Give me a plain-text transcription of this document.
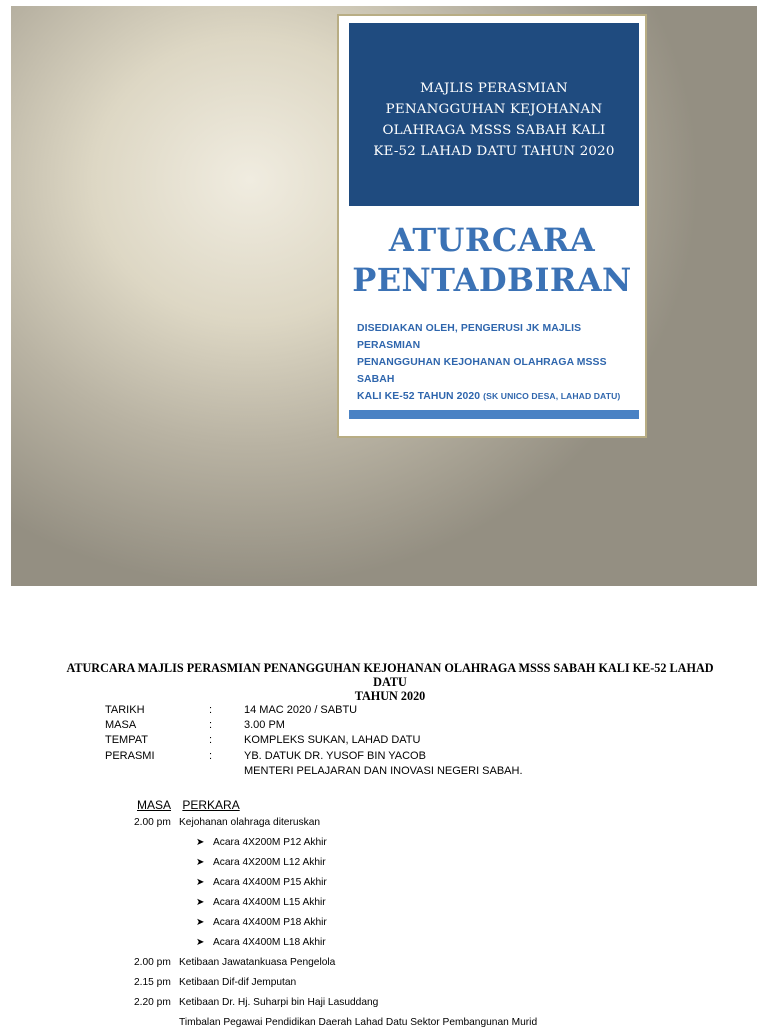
MAJLIS PERASMIAN
PENANGGUHAN KEJOHANAN
OLAHRAGA MSSS SABAH KALI
KE-52 LAHAD DATU TAHUN 2020
ATURCARA
PENTADBIRAN
DISEDIAKAN OLEH, PENGERUSI JK MAJLIS PERASMIAN
PENANGGUHAN KEJOHANAN OLAHRAGA MSSS SABAH
KALI KE-52 TAHUN 2020 (SK UNICO DESA, LAHAD DATU)
ATURCARA MAJLIS PERASMIAN PENANGGUHAN KEJOHANAN OLAHRAGA MSSS SABAH KALI KE-52 LAHAD DATU
TAHUN 2020
TARIKH	:	14 MAC 2020 / SABTU
MASA	:	3.00 PM
TEMPAT	:	KOMPLEKS SUKAN, LAHAD DATU
PERASMI	:	YB. DATUK DR. YUSOF BIN YACOB
MENTERI PELAJARAN DAN INOVASI NEGERI SABAH.
MASA PERKARA
2.00 pm Kejohanan olahraga diteruskan
➤ Acara 4X200M P12 Akhir
➤ Acara 4X200M L12 Akhir
➤ Acara 4X400M P15 Akhir
➤ Acara 4X400M L15 Akhir
➤ Acara 4X400M P18 Akhir
➤ Acara 4X400M L18 Akhir
2.00 pm Ketibaan Jawatankuasa Pengelola
2.15 pm Ketibaan Dif-dif Jemputan
2.20 pm Ketibaan Dr. Hj. Suharpi bin Haji Lasuddang
Timbalan Pegawai Pendidikan Daerah Lahad Datu Sektor Pembangunan Murid
